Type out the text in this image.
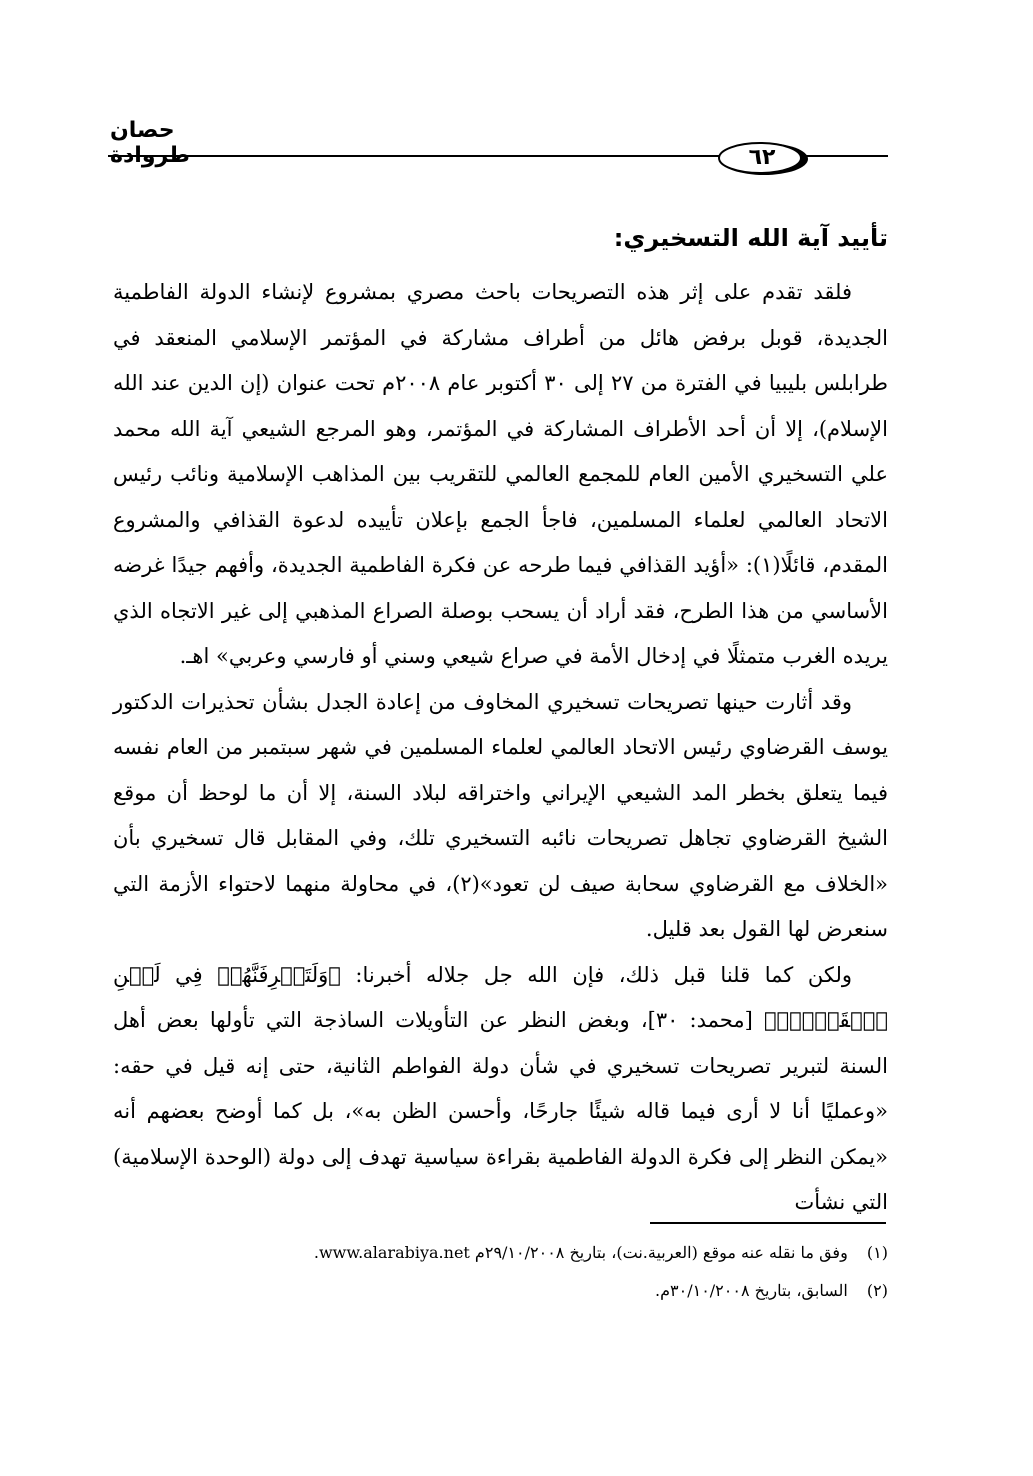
حصان طروادة	٦٢
تأييد آية الله التسخيري:

فلقد تقدم على إثر هذه التصريحات باحث مصري بمشروع لإنشاء الدولة الفاطمية الجديدة، قوبل برفض هائل من أطراف مشاركة في المؤتمر الإسلامي المنعقد في طرابلس بليبيا في الفترة من ٢٧ إلى ٣٠ أكتوبر عام ٢٠٠٨م تحت عنوان (إن الدين عند الله الإسلام)، إلا أن أحد الأطراف المشاركة في المؤتمر، وهو المرجع الشيعي آية الله محمد علي التسخيري الأمين العام للمجمع العالمي للتقريب بين المذاهب الإسلامية ونائب رئيس الاتحاد العالمي لعلماء المسلمين، فاجأ الجمع بإعلان تأييده لدعوة القذافي والمشروع المقدم، قائلًا(١): «أؤيد القذافي فيما طرحه عن فكرة الفاطمية الجديدة، وأفهم جيدًا غرضه الأساسي من هذا الطرح، فقد أراد أن يسحب بوصلة الصراع المذهبي إلى غير الاتجاه الذي يريده الغرب متمثلًا في إدخال الأمة في صراع شيعي وسني أو فارسي وعربي» اهـ.

وقد أثارت حينها تصريحات تسخيري المخاوف من إعادة الجدل بشأن تحذيرات الدكتور يوسف القرضاوي رئيس الاتحاد العالمي لعلماء المسلمين في شهر سبتمبر من العام نفسه فيما يتعلق بخطر المد الشيعي الإيراني واختراقه لبلاد السنة، إلا أن ما لوحظ أن موقع الشيخ القرضاوي تجاهل تصريحات نائبه التسخيري تلك، وفي المقابل قال تسخيري بأن «الخلاف مع القرضاوي سحابة صيف لن تعود»(٢)، في محاولة منهما لاحتواء الأزمة التي سنعرض لها القول بعد قليل.

ولكن كما قلنا قبل ذلك، فإن الله جل جلاله أخبرنا: ﴿وَلَتَعۡرِفَنَّهُمۡ فِي لَحۡنِ ٱلۡقَوۡلِۚ﴾ [محمد: ٣٠]، وبغض النظر عن التأويلات الساذجة التي تأولها بعض أهل السنة لتبرير تصريحات تسخيري في شأن دولة الفواطم الثانية، حتى إنه قيل في حقه: «وعمليًا أنا لا أرى فيما قاله شيئًا جارحًا، وأحسن الظن به»، بل كما أوضح بعضهم أنه «يمكن النظر إلى فكرة الدولة الفاطمية بقراءة سياسية تهدف إلى دولة (الوحدة الإسلامية) التي نشأت

(١) وفق ما نقله عنه موقع (العربية.نت)، بتاريخ ٢٩/١٠/٢٠٠٨م www.alarabiya.net.

(٢) السابق، بتاريخ ٣٠/١٠/٢٠٠٨م.
